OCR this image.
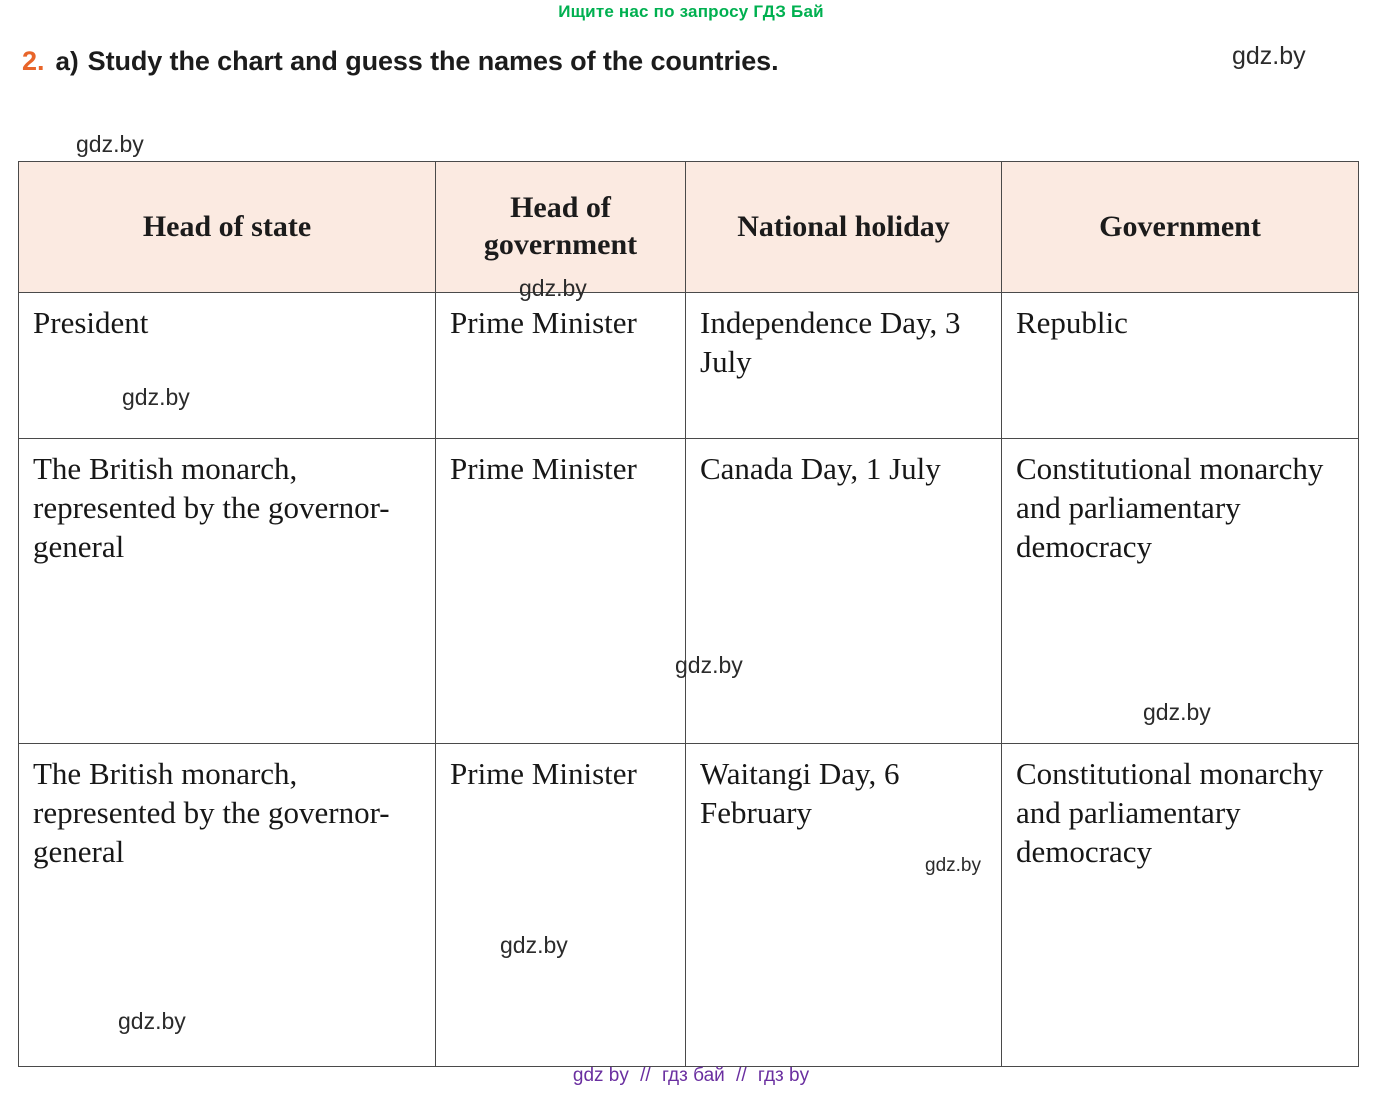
Ищите нас по запросу ГДЗ Бай
2. a) Study the chart and guess the names of the countries.	gdz.by
gdz.by
Head of state	Head of government	National holiday	Government
President	Prime Minister	Independence Day, 3 July	Republic
The British monarch, represented by the governor-general	Prime Minister	Canada Day, 1 July	Constitutional monarchy and parliamentary democracy
The British monarch, represented by the governor-general	Prime Minister	Waitangi Day, 6 February	Constitutional monarchy and parliamentary democracy
gdz.by
gdz.by
gdz.by
gdz.by
gdz.by
gdz.by
gdz.by
gdz by // гдз бай // гдз by
